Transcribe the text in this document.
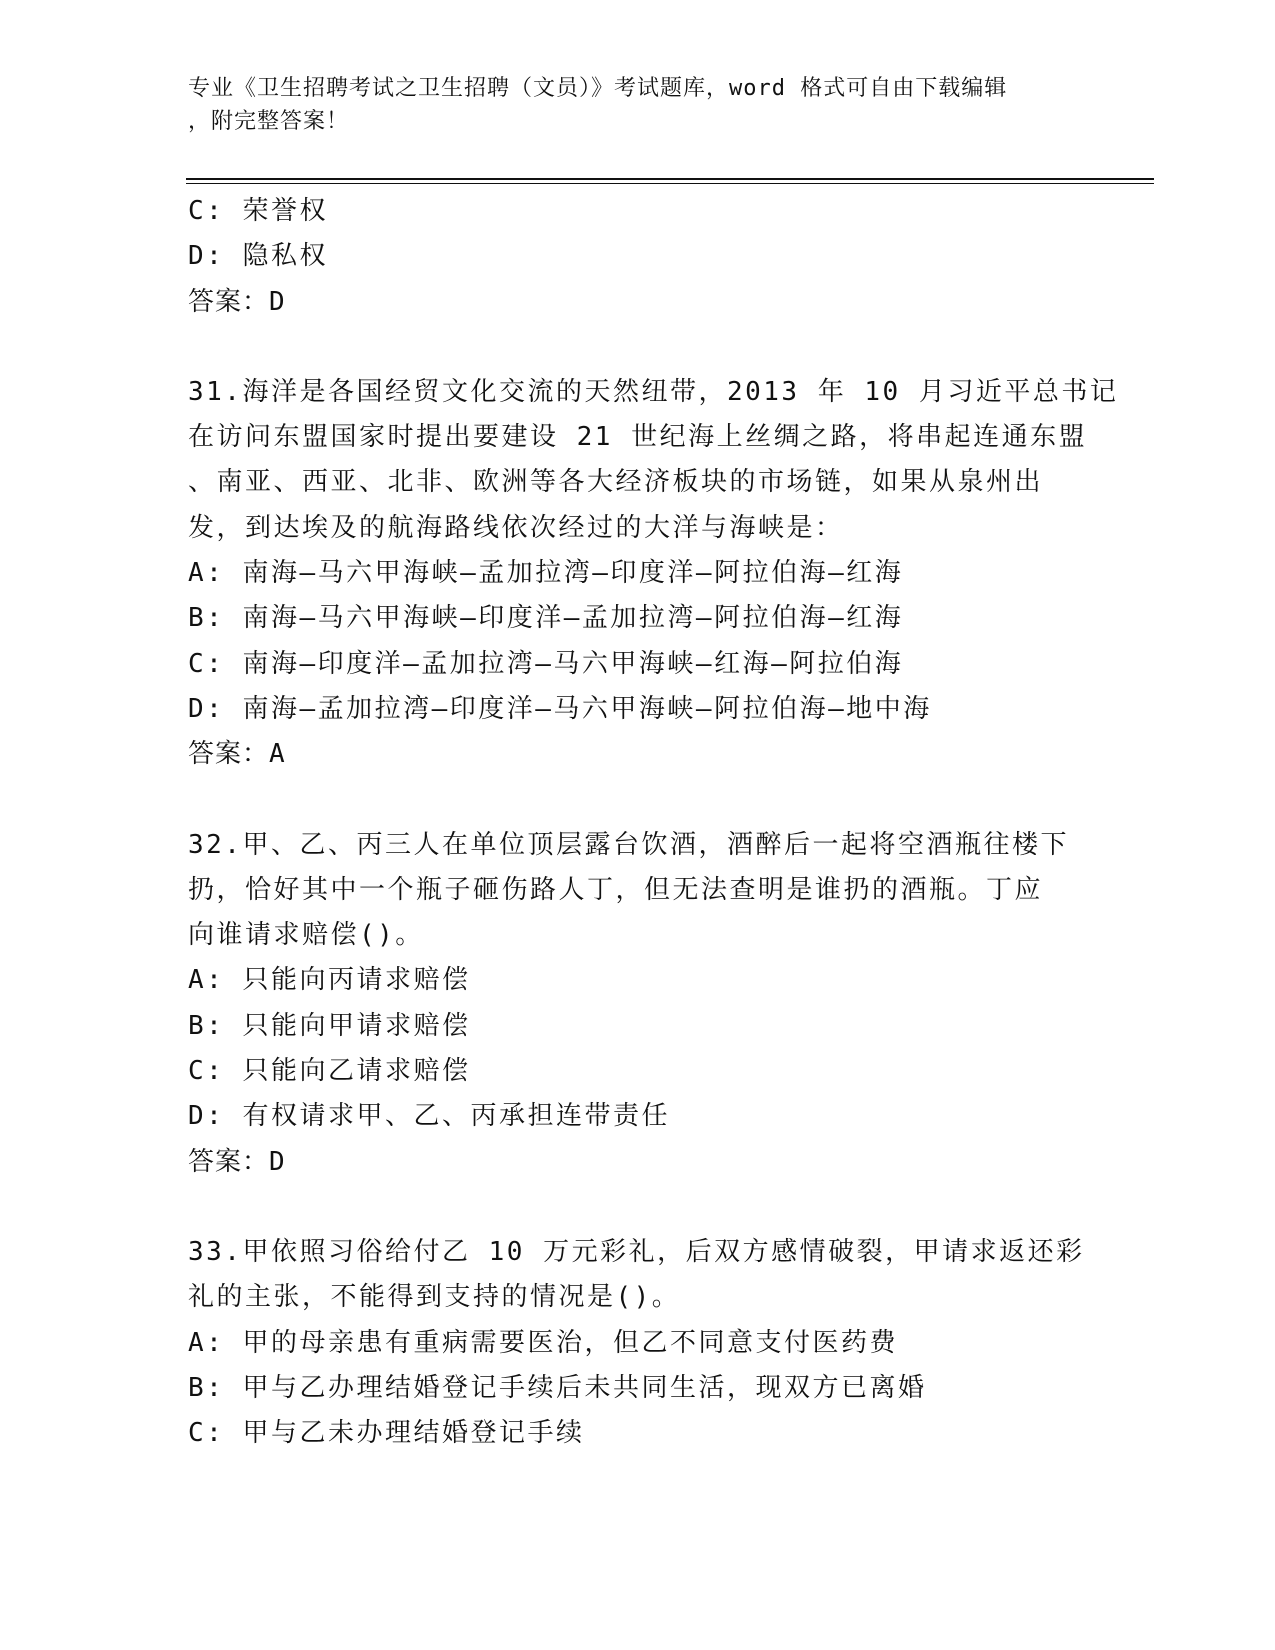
专业《卫生招聘考试之卫生招聘（文员）》考试题库，word 格式可自由下载编辑
，附完整答案！
C: 荣誉权
D: 隐私权
答案：D
31.海洋是各国经贸文化交流的天然纽带，2013 年 10 月习近平总书记
在访问东盟国家时提出要建设 21 世纪海上丝绸之路，将串起连通东盟
、南亚、西亚、北非、欧洲等各大经济板块的市场链，如果从泉州出
发，到达埃及的航海路线依次经过的大洋与海峡是：
A: 南海—马六甲海峡—孟加拉湾—印度洋—阿拉伯海—红海
B: 南海—马六甲海峡—印度洋—孟加拉湾—阿拉伯海—红海
C: 南海—印度洋—孟加拉湾—马六甲海峡—红海—阿拉伯海
D: 南海—孟加拉湾—印度洋—马六甲海峡—阿拉伯海—地中海
答案：A
32.甲、乙、丙三人在单位顶层露台饮酒，酒醉后一起将空酒瓶往楼下
扔，恰好其中一个瓶子砸伤路人丁，但无法查明是谁扔的酒瓶。丁应
向谁请求赔偿()。
A: 只能向丙请求赔偿
B: 只能向甲请求赔偿
C: 只能向乙请求赔偿
D: 有权请求甲、乙、丙承担连带责任
答案：D
33.甲依照习俗给付乙 10 万元彩礼，后双方感情破裂，甲请求返还彩
礼的主张，不能得到支持的情况是()。
A: 甲的母亲患有重病需要医治，但乙不同意支付医药费
B: 甲与乙办理结婚登记手续后未共同生活，现双方已离婚
C: 甲与乙未办理结婚登记手续
